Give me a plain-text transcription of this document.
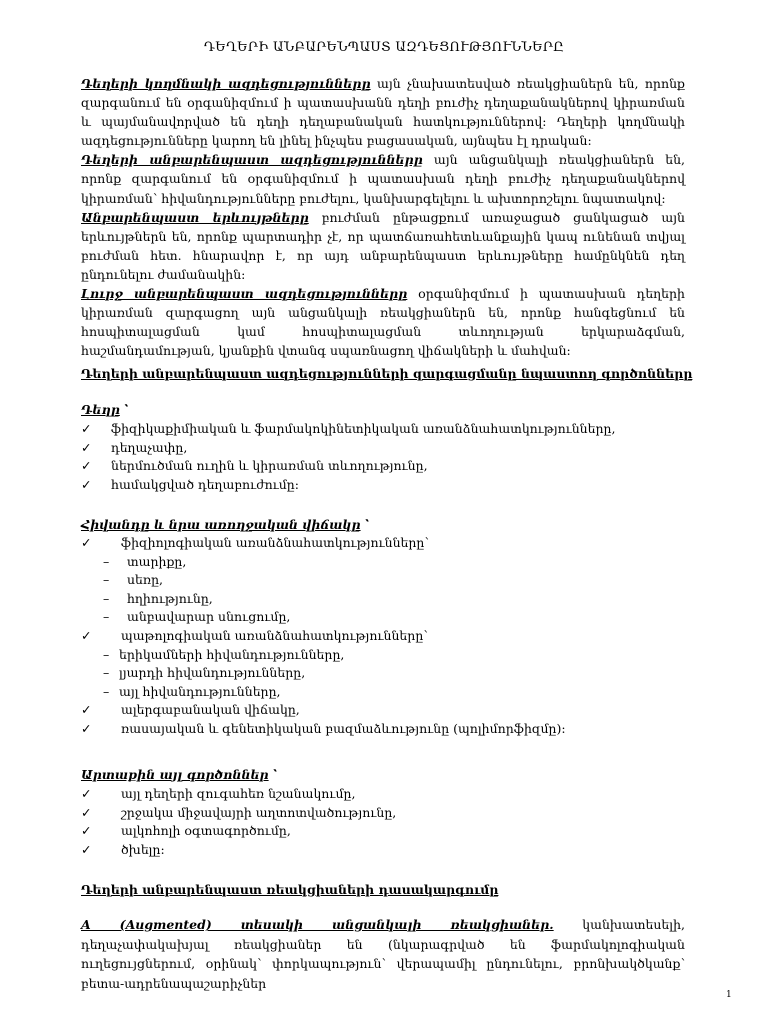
ԴԵՂԵՐԻ ԱՆԲԱՐԵՆՊԱՍՏ ԱԶԴԵՑՈՒԹՅՈՒՆՆԵՐԸ

Դեղերի կողմնակի ազդեցությունները այն չնախատեսված ռեակցիաներն են, որոնք զարգանում են օրգանիզմում ի պատասխանն դեղի բուժիչ դեղաքանակներով կիրառման և պայմանավորված են դեղի դեղաբանական հատկություններով: Դեղերի կողմնակի ազդեցությունները կարող են լինել ինչպես բացասական, այնպես էլ դրական:

Դեղերի անբարենպաստ ազդեցությունները այն անցանկալի ռեակցիաներն են, որոնք զարգանում են օրգանիզմում ի պատասխան դեղի բուժիչ դեղաքանակներով կիրառման՝ հիվանդությունները բուժելու, կանխարգելելու և ախտորոշելու նպատակով:

Անբարենպաստ երևույթները բուժման ընթացքում առաջացած ցանկացած այն երևույթներն են, որոնք պարտադիր չէ, որ պատճառահետևանքային կապ ունենան տվյալ բուժման հետ. հնարավոր է, որ այդ անբարենպաստ երևույթները համընկնեն դեղ ընդունելու ժամանակին:

Լուրջ անբարենպաստ ազդեցությունները օրգանիզմում ի պատասխան դեղերի կիրառման զարգացող այն անցանկալի ռեակցիաներն են, որոնք հանգեցնում են հոսպիտալացման կամ հոսպիտալացման տևողության երկարաձգման, հաշմանդամության, կյանքին վտանգ սպառնացող վիճակների և մահվան:

Դեղերի անբարենպաստ ազդեցությունների զարգացմանը նպաստող գործոնները
Դեղը ՝
✓ ֆիզիկաքիմիական և ֆարմակոկինետիկական առանձնահատկությունները,
✓ դեղաչափը,
✓ ներմուծման ուղին և կիրառման տևողությունը,
✓ համակցված դեղաբուժումը:
Հիվանդը և նրա առողջական վիճակը ՝
✓ ֆիզիոլոգիական առանձնահատկությունները՝
– տարիքը,
– սեռը,
– հղիությունը,
– անբավարար սնուցումը,
✓ պաթոլոգիական առանձնահատկությունները՝
– երիկամների հիվանդությունները,
– լյարդի հիվանդությունները,
– այլ հիվանդությունները,
✓ ալերգաբանական վիճակը,
✓ ռասայական և գենետիկական բազմաձևությունը (պոլիմորֆիզմը):
Արտաքին այլ գործոններ ՝
✓ այլ դեղերի զուգահեռ նշանակումը,
✓ շրջակա միջավայրի աղտոտվածությունը,
✓ ալկոհոլի օգտագործումը,
✓ ծխելը:
Դեղերի անբարենպաստ ռեակցիաների դասակարգումը

A (Augmented) տեսակի անցանկալի ռեակցիաներ. կանխատեսելի, դեղաչափակախյալ ռեակցիաներ են (նկարագրված են ֆարմակոլոգիական ուղեցույցներում, օրինակ՝ փորկապություն՝ վերապամիլ ընդունելու, բրոնխակծկանք՝ բետա-ադրենապաշարիչներ

1
